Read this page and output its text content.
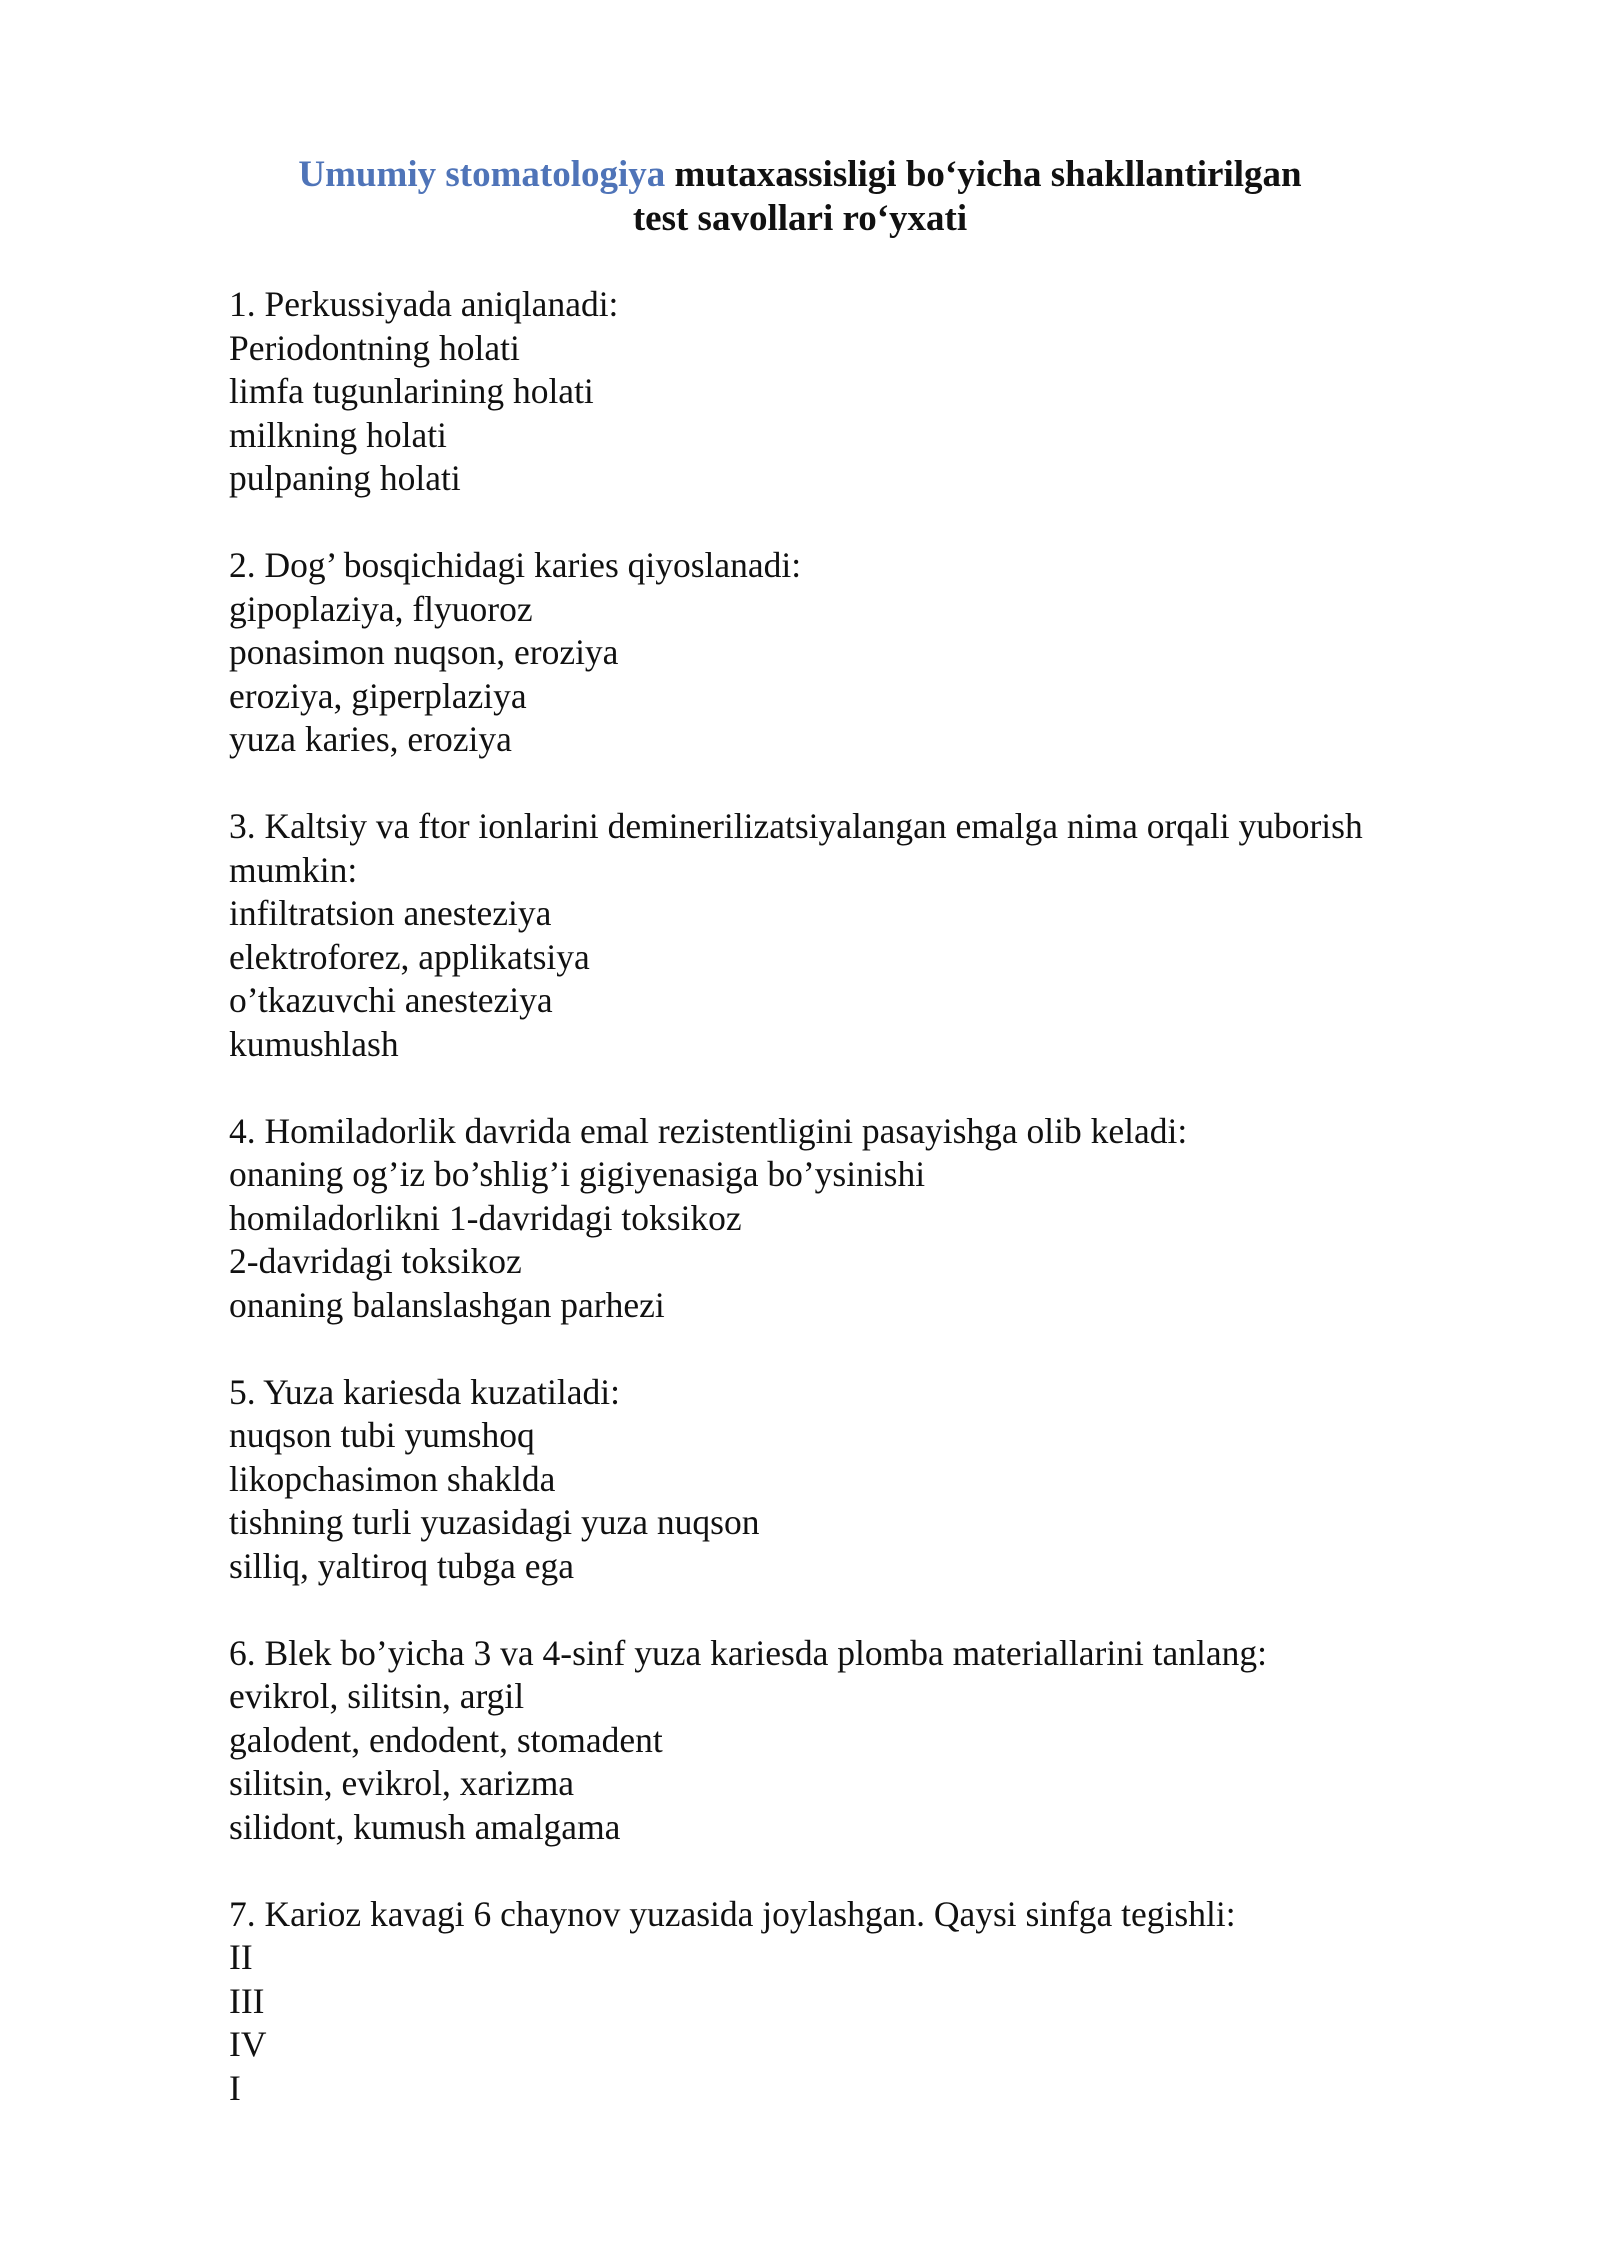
Umumiy stomatologiya mutaxassisligi bo‘yicha shakllantirilgan
test savollari ro‘yxati
1. Perkussiyada aniqlanadi:
Periodontning holati
limfa tugunlarining holati
milkning holati
pulpaning holati
2. Dog’ bosqichidagi karies qiyoslanadi:
gipoplaziya, flyuoroz
ponasimon nuqson, eroziya
eroziya, giperplaziya
yuza karies, eroziya
3. Kaltsiy va ftor ionlarini deminerilizatsiyalangan emalga nima orqali yuborish mumkin:
infiltratsion anesteziya
elektroforez, applikatsiya
o’tkazuvchi anesteziya
kumushlash
4. Homiladorlik davrida emal rezistentligini pasayishga olib keladi:
onaning og’iz bo’shlig’i gigiyenasiga bo’ysinishi
homiladorlikni 1-davridagi toksikoz
2-davridagi toksikoz
onaning balanslashgan parhezi
5. Yuza kariesda kuzatiladi:
nuqson tubi yumshoq
likopchasimon shaklda
tishning turli yuzasidagi yuza nuqson
silliq, yaltiroq tubga ega
6. Blek bo’yicha 3 va 4-sinf yuza kariesda plomba materiallarini tanlang:
evikrol, silitsin, argil
galodent, endodent, stomadent
silitsin, evikrol, xarizma
silidont, kumush amalgama
7. Karioz kavagi 6 chaynov yuzasida joylashgan. Qaysi sinfga tegishli:
II
III
IV
I
